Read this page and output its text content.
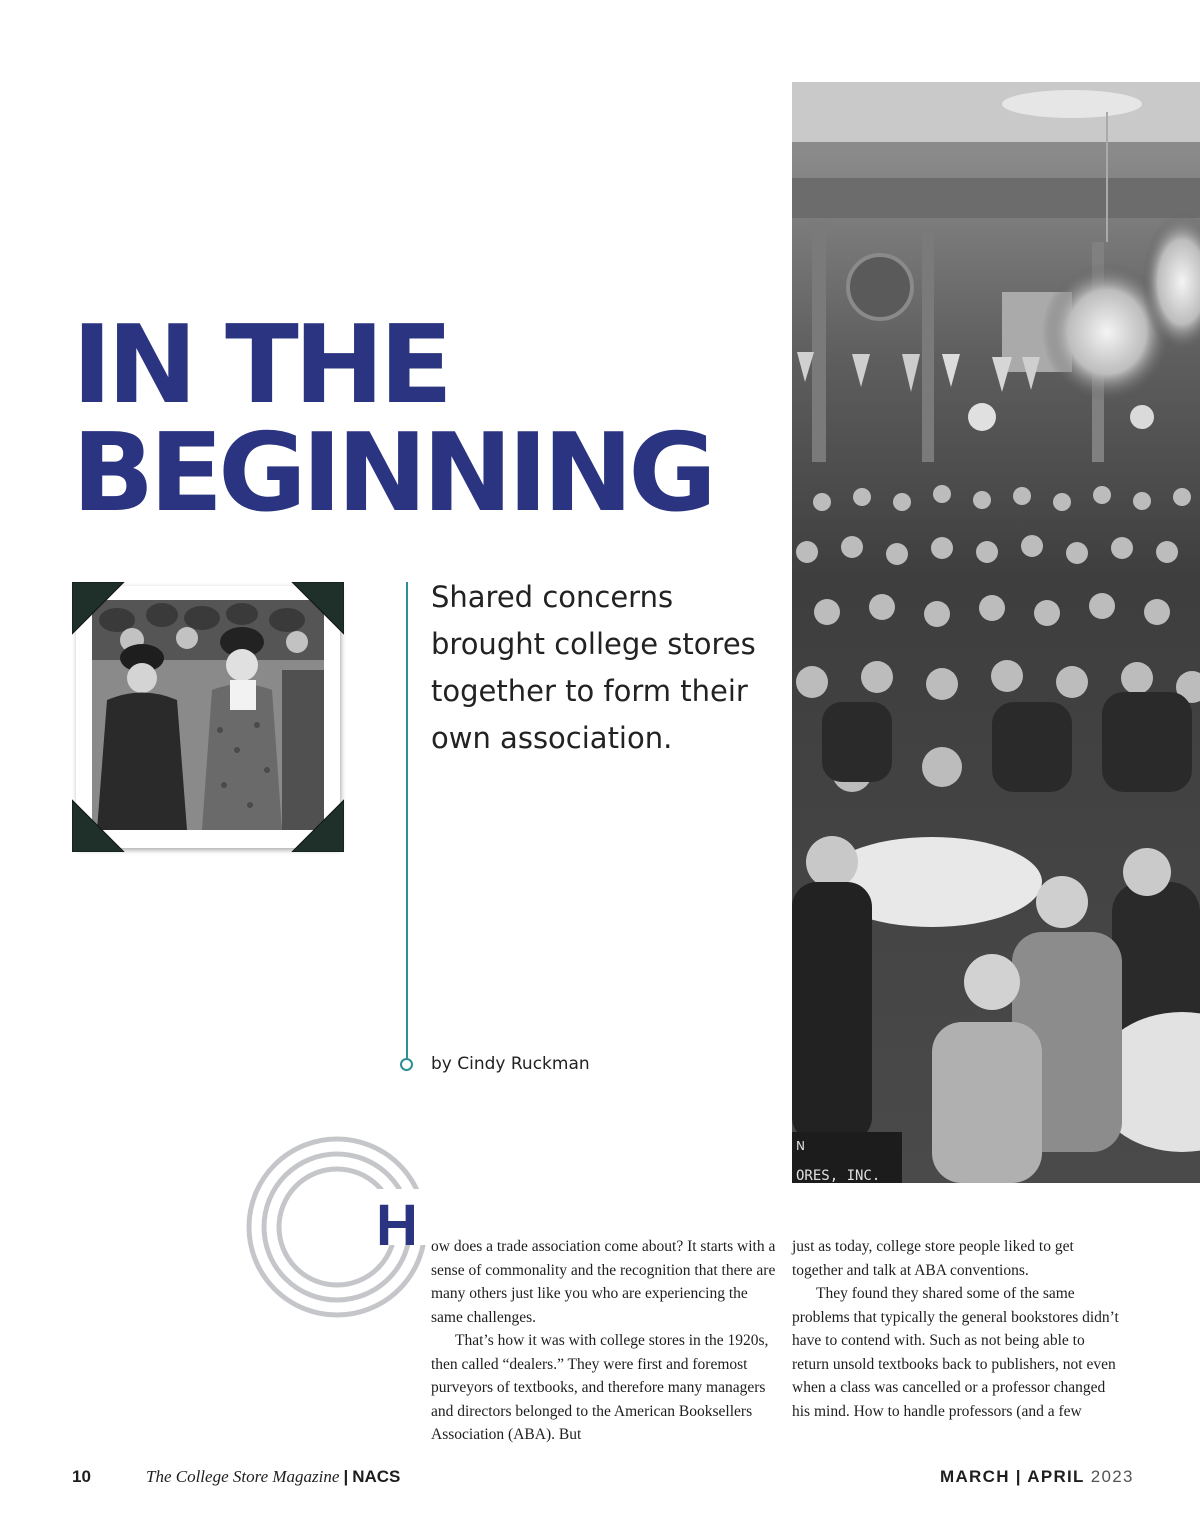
IN THE
BEGINNING
N
ORES, INC.
Shared concerns brought college stores together to form their own association.
by Cindy Ruckman
H ow does a trade association come about? It starts with a sense of commonality and the recognition that there are many others just like you who are experiencing the same challenges.

That’s how it was with college stores in the 1920s, then called “dealers.” They were first and foremost purveyors of textbooks, and therefore many managers and directors belonged to the American Booksellers Association (ABA). But

just as today, college store people liked to get together and talk at ABA conventions.

They found they shared some of the same problems that typically the general bookstores didn’t have to contend with. Such as not being able to return unsold textbooks back to publishers, not even when a class was cancelled or a professor changed his mind. How to handle professors (and a few

10	The College Store Magazine | NACS	MARCH | APRIL 2023
